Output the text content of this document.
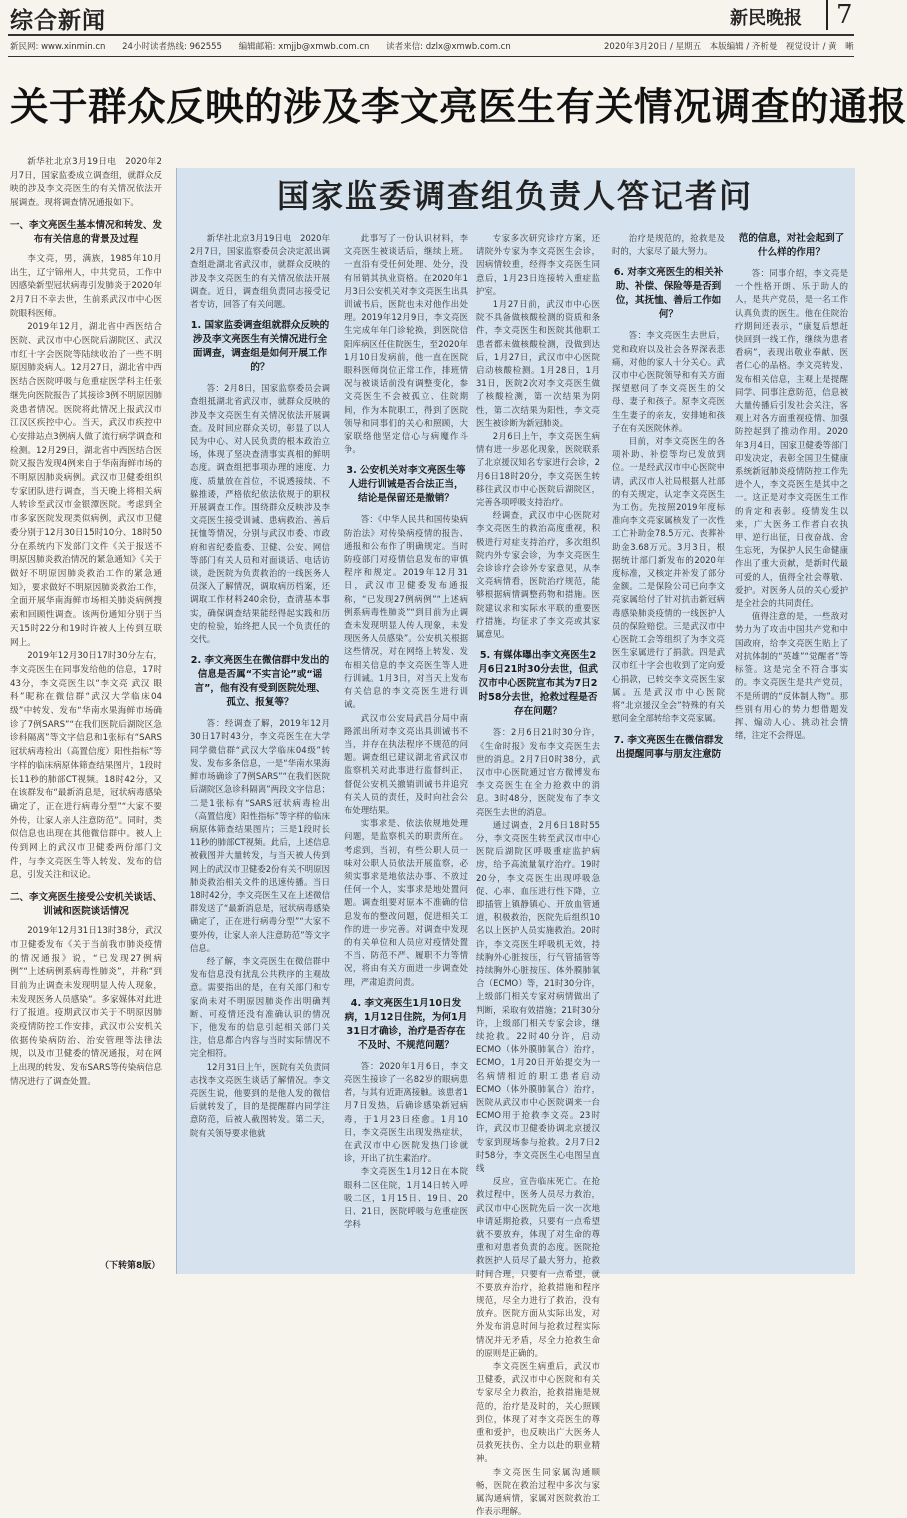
综合新闻	新民晚报	7
新民网: www.xinmin.cn 24小时读者热线: 962555 编辑邮箱: xmjjb@xmwb.com.cn 读者来信: dzlx@xmwb.com.cn	2020年3月20日 / 星期五　本版编辑 / 齐析曼　视觉设计 / 黄　晰
关于群众反映的涉及李文亮医生有关情况调查的通报

新华社北京3月19日电　2020年2月7日，国家监委成立调查组，就群众反映的涉及李文亮医生的有关情况依法开展调查。现将调查情况通报如下。

一、李文亮医生基本情况和转发、发布有关信息的背景及过程

李文亮，男，满族，1985年10月出生，辽宁锦州人，中共党员，工作中因感染新型冠状病毒引发肺炎于2020年2月7日不幸去世，生前系武汉市中心医院眼科医师。

2019年12月，湖北省中西医结合医院、武汉市中心医院后湖院区、武汉市红十字会医院等陆续收治了一些不明原因肺炎病人。12月27日，湖北省中西医结合医院呼吸与危重症医学科主任张继先向医院报告了其接诊3例不明原因肺炎患者情况。医院将此情况上报武汉市江汉区疾控中心。当天，武汉市疾控中心安排站点3例病人做了流行病学调查和检测。12月29日，湖北省中西医结合医院又报告发现4例来自于华南海鲜市场的不明原因肺炎病例。武汉市卫健委组织专家团队进行调查，当天晚上将相关病人转诊至武汉市金银潭医院。考虑到全市多家医院发现类似病例，武汉市卫健委分别于12月30日15时10分、18时50分在系统内下发部门文件《关于报送不明原因肺炎救治情况的紧急通知》《关于做好不明原因肺炎救治工作的紧急通知》，要求做好不明原因肺炎救治工作，全面开展华南海鲜市场相关肺炎病例搜索和回顾性调查。该两份通知分别于当天15时22分和19时许被人上传到互联网上。

2019年12月30日17时30分左右，李文亮医生在同事发给他的信息，17时43分，李文亮医生以“李文亮 武汉 眼科”昵称在微信群“武汉大学临床04级”中转发、发布“华南水果海鲜市场确诊了7例SARS”“在我们医院后湖院区急诊科隔离”等文字信息和1张标有“SARS冠状病毒检出（高置信度）阳性指标”等字样的临床病原体筛查结果图片，1段时长11秒的肺部CT视频。18时42分，又在该群发布“最新消息是，冠状病毒感染确定了，正在进行病毒分型”“大家不要外传，让家人亲人注意防范”。同时，类似信息也出现在其他微信群中。被人上传到网上的武汉市卫健委两份部门文件，与李文亮医生等人转发、发布的信息，引发关注和议论。

二、李文亮医生接受公安机关谈话、训诫和医院谈话情况

2019年12月31日13时38分，武汉市卫健委发布《关于当前我市肺炎疫情的情况通报》说，“已发现27例病例”“上述病例系病毒性肺炎”，并称“到目前为止调查未发现明显人传人现象，未发现医务人员感染”。多家媒体对此进行了报道。疫期武汉市关于不明原因肺炎疫情防控工作安排，武汉市公安机关依据传染病防治、治安管理等法律法规，以及市卫健委的情况通报，对在网上出现的转发、发布SARS等传染病信息情况进行了调查处置。

（下转第8版）
国家监委调查组负责人答记者问

新华社北京3月19日电　2020年2月7日，国家监察委员会决定派出调查组赴湖北省武汉市，就群众反映的涉及李文亮医生的有关情况依法开展调查。近日，调查组负责同志接受记者专访，回答了有关问题。

1. 国家监委调查组就群众反映的涉及李文亮医生有关情况进行全面调查，调查组是如何开展工作的？

答：2月8日，国家监察委员会调查组抵湖北省武汉市，就群众反映的涉及李文亮医生有关情况依法开展调查。及时回应群众关切，彰显了以人民为中心、对人民负责的根本政治立场，体现了坚决查清事实真相的鲜明态度。调查组把事项办理的速度、力度、质量放在首位，不说透接续、不躲推诿，严格依纪依法依规于的职权开展调查工作。围绕群众反映涉及李文亮医生接受训诫、患病救治、善后抚恤等情况，分别与武汉市委、市政府和省纪委监委、卫健、公安、网信等部门有关人员和对面谈话、电话访谈，赴医院为负责救治的一线医务人员深入了解情况，调取病历档案，还调取工作材料240余份，查清基本事实，确保调查结果能经得起实践和历史的检验，始终把人民一个负责任的交代。

2. 李文亮医生在微信群中发出的信息是否属“不实言论”或“谣言”，他有没有受到医院处理、孤立、报复等？

答：经调查了解，2019年12月30日17时43分，李文亮医生在大学同学微信群“武汉大学临床04级”转发、发布多条信息，一是“华南水果海鲜市场确诊了7例SARS”“在我们医院后湖院区急诊科隔离”两段文字信息；二是1张标有“SARS冠状病毒检出（高置信度）阳性指标”等字样的临床病原体筛查结果图片；三是1段时长11秒的肺部CT视频。此后，上述信息被截图并大量转发，与当天被人传到网上的武汉市卫健委2份有关不明原因肺炎救治相关文件的迅速传播。当日18时42分，李文亮医生又在上述微信群发送了“最新消息是，冠状病毒感染确定了，正在进行病毒分型”“大家不要外传，让家人亲人注意防范”等文字信息。

经了解，李文亮医生在微信群中发布信息没有扰乱公共秩序的主观故意。需要指出的是，在有关部门和专家尚未对不明原因肺炎作出明确判断、可疫情还没有准确认识的情况下，他发布的信息引起相关部门关注，信息都合内容与当时实际情况不完全相符。

12月31日上午，医院有关负责同志找李文亮医生谈话了解情况。李文亮医生说，他要到的是他人发的微信后就转发了，目的是提醒群内同学注意防范，后被人截图转发。第二天，院有关领导要求他就

此事写了一份认识材料，李文亮医生被谈话后，继续上班。一直沿有受任何处理、处分，没有吊销其执业资格。在2020年1月3日公安机关对李文亮医生出具训诫书后，医院也未对他作出处理。2019年12月9日，李文亮医生完成年年门诊轮换，到医院信阳库病区任住院医生，至2020年1月10日发病前，他一直在医院眼科医师岗位正常工作，排班情况与被谈话前没有调整变化，参文亮医生不会被孤立、住院期间，作为本院职工，得到了医院领导和同事们的关心和照顾，大家联络他坚定信心与病魔作斗争。

3. 公安机关对李文亮医生等人进行训诫是否合法正当，结论是保留还是撤销？

答：《中华人民共和国传染病防治法》对传染病疫情的报告、通报和公布作了明确规定。当时防疫部门对疫情信息发布的审慎程序和规定。2019年12月31日，武汉市卫健委发布通报称，“已发现27例病例”“上述病例系病毒性肺炎”“到目前为止调查未发现明显人传人现象，未发现医务人员感染”。公安机关根据这些情况，对在网络上转发、发布相关信息的李文亮医生等人进行训诫。1月3日，对当天上发布有关信息的李文亮医生进行训诫。

武汉市公安局武昌分局中南路派出所对李文亮出具训诫书不当，并存在执法程序不规范的问题。调查组已建议湖北省武汉市监察机关对此事进行监督纠正，督促公安机关撤销训诫书并追究有关人员的责任，及时向社会公布处理结果。

实事求是、依法依规地处理问题，是监察机关的职责所在。考虑到，当初，有些公职人员一味对公职人员依法开展监察，必须实事求是地依法办事、不放过任何一个人，实事求是地处置问题。调查组要对原本不准确的信息发布的整改问题，促进相关工作的进一步完善。对调查中发现的有关单位和人员应对疫情处置不当、防范不严、履职不力等情况，将由有关方面进一步调查处理，严肃追责问责。

4. 李文亮医生1月10日发病，1月12日住院，为何1月31日才确诊，治疗是否存在不及时、不规范问题？

答：2020年1月6日，李文亮医生接诊了一名82岁的眼病患者，与其有近距离接触。该患者1月7日发热，后确诊感染新冠病毒，于1月23日痊愈。1月10日，李文亮医生出现发热症状，在武汉市中心医院发热门诊就诊，开出了抗生素治疗。

李文亮医生1月12日在本院眼科二区住院，1月14日转入呼吸二区，1月15日、19日、20日、21日，医院呼吸与危重症医学科

专家多次研究诊疗方案，还请院外专家为李文亮医生会诊，因病情较重，经得李文亮医生同意后，1月23日连接转入重症监护室。

1月27日前，武汉市中心医院不具备做核酸检测的资质和条件，李文亮医生和医院其他职工患者都未做核酸检测，没做到达后，1月27日，武汉市中心医院启动核酸检测。1月28日，1月31日，医院2次对李文亮医生做了核酸检测，第一次结果为阴性，第二次结果为阳性，李文亮医生被诊断为新冠肺炎。

2月6日上午，李文亮医生病情有进一步恶化现象，医院联系了北京援汉知名专家进行会诊，2月6日18时20分，李文亮医生转移往武汉市中心医院后湖院区，完善各项呼吸支持治疗。

经调查，武汉市中心医院对李文亮医生的救治高度重视，积极进行对症支持治疗，多次组织院内外专家会诊，为李文亮医生会诊诊疗会诊外专家意见，从李文亮病情看，医院治疗规范，能够根据病情调整药物和措施。医院建议求和实际水平联的重要医疗措施，均征求了李文亮或其家属意见。

5. 有媒体曝出李文亮医生2月6日21时30分去世，但武汉市中心医院宣布其为7日2时58分去世，抢救过程是否存在问题？

答：2月6日21时30分许，《生命时报》发布李文亮医生去世的消息。2月7日0时38分，武汉市中心医院通过官方微博发布李文亮医生在全力抢救中的消息。3时48分，医院发布了李文亮医生去世的消息。

通过调查，2月6日18时55分，李文亮医生转至武汉市中心医院后湖院区呼吸重症监护病房，给予高流量氧疗治疗。19时20分，李文亮医生出现呼吸急促、心率、血压进行性下降，立即插管上镇静镇心、开放血管通道，积极救治，医院先后组织10名以上医护人员实施救治。20时许，李文亮医生呼吸机无效，持续胸外心脏按压，行气管插管等持续胸外心脏按压、体外膜肺氧合（ECMO）等，21时30分许，上级部门相关专家对病情做出了判断，采取有效措施；21时30分许，上级部门相关专家会诊，继续抢救。22时40分许，启动ECMO（体外膜肺氧合）治疗，ECMO，1月20日开始提交为一名病情相近的职工患者启动ECMO（体外膜肺氧合）治疗，医院从武汉市中心医院调来一台ECMO用于抢救李文亮。23时许，武汉市卫健委协调北京援汉专家到现场参与抢救。2月7日2时58分，李文亮医生心电图呈直线

反应，宣告临床死亡。在抢救过程中，医务人员尽力救治，武汉市中心医院先后一次一次地申请延期抢救，只要有一点希望就不要放弃，体现了对生命的尊重和对患者负责的态度。医院抢救医护人员尽了最大努力，抢救时间合理，只要有一点希望，就不要放弃治疗，抢救措施和程序规范，尽全力进行了救治，没有放弃。医院方面从实际出发，对外发布消息时间与抢救过程实际情况并无矛盾，尽全力抢救生命的原则是正确的。

李文亮医生病重后，武汉市卫健委，武汉市中心医院和有关专家尽全力救治，抢救措施是规范的，治疗是及时的，关心照顾到位，体现了对李文亮医生的尊重和爱护，也反映出广大医务人员救死扶伤、全力以赴的职业精神。

李文亮医生同家属沟通顺畅，医院在救治过程中多次与家属沟通病情，家属对医院救治工作表示理解。

治疗是规范的，抢救是及时的，大家尽了最大努力。

6. 对李文亮医生的相关补助、补偿、保险等是否到位，其抚恤、善后工作如何？

答：李文亮医生去世后，党和政府以及社会各界深表悲痛，对他的家人十分关心。武汉市中心医院领导和有关方面探望慰问了李文亮医生的父母、妻子和孩子。原李文亮医生生妻子的亲友，安排她和孩子在有关医院休养。

目前，对李文亮医生的各项补助、补偿等均已发放到位。一是经武汉市中心医院申请，武汉市人社局根据人社部的有关规定，认定李文亮医生为工伤。先按照2019年度标准向李文亮家属核发了一次性工亡补助金78.5万元、丧葬补助金3.68万元。3月3日，根据统计部门新发布的2020年度标准，又核定并补发了部分金额。二是保险公司已向李文亮家属给付了针对抗击新冠病毒感染肺炎疫情的一线医护人员的保险赔偿。三是武汉市中心医院工会等组织了为李文亮医生家属进行了捐款。四是武汉市红十字会也收到了定向爱心捐款，已转交李文亮医生家属。五是武汉市中心医院将“北京援汉全会”特殊的有关慰问金全部转给李文亮家属。

7. 李文亮医生在微信群发出提醒同事与朋友注意防范的信息，对社会起到了什么样的作用？

答：同事介绍，李文亮是一个性格开朗、乐于助人的人，是共产党员，是一名工作认真负责的医生。他在住院治疗期间还表示，“康复后想赶快回到一线工作，继续为患者看病”，表现出敬业奉献、医者仁心的品格。李文亮转发、发布相关信息，主观上是提醒同学、同事注意防范，信息被大量传播后引发社会关注，客观上对各方面重视疫情、加强防控起到了推动作用。2020年3月4日，国家卫健委等部门印发决定，表彰全国卫生健康系统新冠肺炎疫情防控工作先进个人，李文亮医生是其中之一。这正是对李文亮医生工作的肯定和表彰。疫情发生以来，广大医务工作者白衣执甲、逆行出征，日夜奋战、舍生忘死，为保护人民生命健康作出了重大贡献，是新时代最可爱的人，值得全社会尊敬、爱护。对医务人员的关心爱护是全社会的共同责任。

值得注意的是，一些敌对势力为了攻击中国共产党和中国政府，给李文亮医生贴上了对抗体制的“英雄”“觉醒者”等标签。这是完全不符合事实的。李文亮医生是共产党员，不是所谓的“反体制人物”。那些别有用心的势力想借题发挥、煽动人心、挑动社会情绪，注定不会得逞。
